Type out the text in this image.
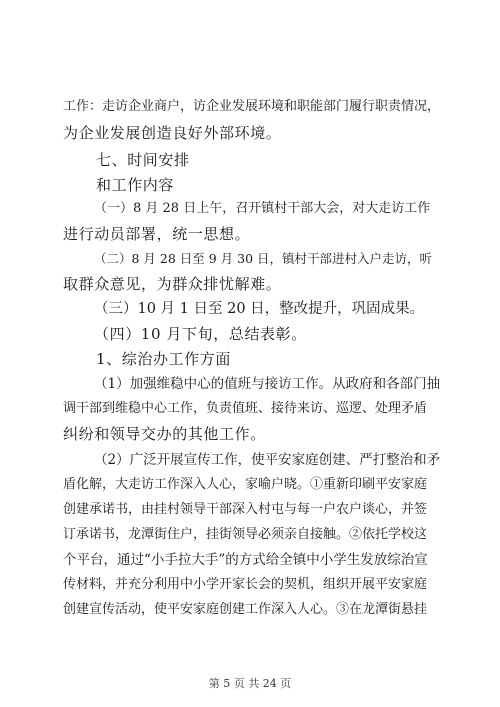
工作：走访企业商户，访企业发展环境和职能部门履行职责情况，
为企业发展创造良好外部环境。
七、时间安排
和工作内容
（一）8 月 28 日上午，召开镇村干部大会，对大走访工作
进行动员部署，统一思想。
（二）8 月 28 日至 9 月 30 日，镇村干部进村入户走访，听
取群众意见，为群众排忧解难。
（三）10 月 1 日至 20 日，整改提升，巩固成果。
（四）10 月下旬，总结表彰。
1、综治办工作方面
（1）加强维稳中心的值班与接访工作。从政府和各部门抽
调干部到维稳中心工作，负责值班、接待来访、巡逻、处理矛盾
纠纷和领导交办的其他工作。
（2）广泛开展宣传工作，使平安家庭创建、严打整治和矛
盾化解，大走访工作深入人心，家喻户晓。①重新印刷平安家庭
创建承诺书，由挂村领导干部深入村屯与每一户农户谈心，并签
订承诺书，龙潭街住户，挂街领导必须亲自接触。②依托学校这
个平台，通过“小手拉大手”的方式给全镇中小学生发放综治宣
传材料，并充分利用中小学开家长会的契机，组织开展平安家庭
创建宣传活动，使平安家庭创建工作深入人心。③在龙潭街悬挂
第 5 页 共 24 页
